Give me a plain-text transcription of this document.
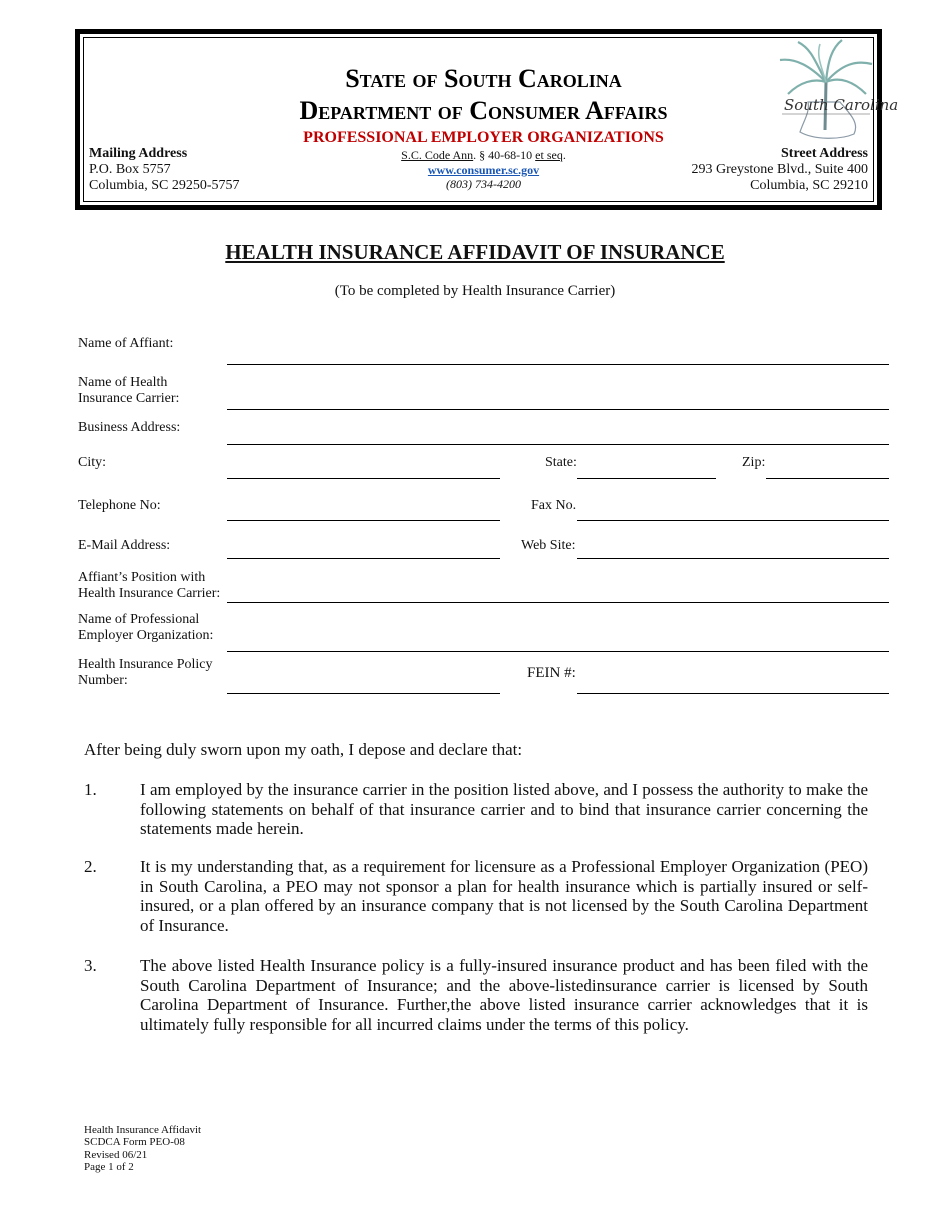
South Carolina
State of South Carolina
Department of Consumer Affairs
PROFESSIONAL EMPLOYER ORGANIZATIONS
S.C. Code Ann. § 40-68-10 et seq.
www.consumer.sc.gov
(803) 734-4200
Mailing Address
P.O. Box 5757
Columbia, SC 29250-5757
Street Address
293 Greystone Blvd., Suite 400
Columbia, SC 29210
HEALTH INSURANCE AFFIDAVIT OF INSURANCE
(To be completed by Health Insurance Carrier)
Name of Affiant:
Name of Health
Insurance Carrier:
Business Address:
City:	State:	Zip:
Telephone No:	Fax No.
E-Mail Address:	Web Site:
Affiant’s Position with
Health Insurance Carrier:
Name of Professional
Employer Organization:
Health Insurance Policy
Number:	FEIN #:
After being duly sworn upon my oath, I depose and declare that:
1.	I am employed by the insurance carrier in the position listed above, and I possess the authority to make the following statements on behalf of that insurance carrier and to bind that insurance carrier concerning the statements made herein.
2.	It is my understanding that, as a requirement for licensure as a Professional Employer Organization (PEO) in South Carolina, a PEO may not sponsor a plan for health insurance which is partially insured or self-insured, or a plan offered by an insurance company that is not licensed by the South Carolina Department of Insurance.
3.	The above listed Health Insurance policy is a fully-insured insurance product and has been filed with the South Carolina Department of Insurance; and the above-listedinsurance carrier is licensed by South Carolina Department of Insurance. Further,the above listed insurance carrier acknowledges that it is ultimately fully responsible for all incurred claims under the terms of this policy.
Health Insurance Affidavit
SCDCA Form PEO-08
Revised 06/21
Page 1 of 2
